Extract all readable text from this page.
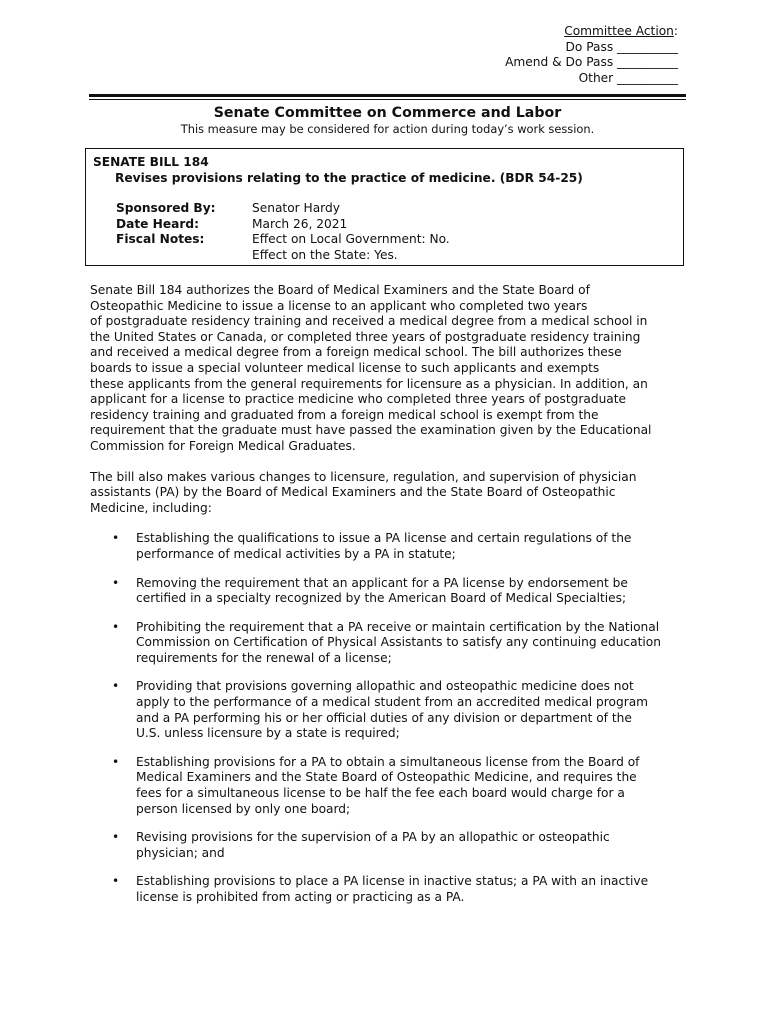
Committee Action:
Do Pass __________
Amend & Do Pass __________
Other __________
Senate Committee on Commerce and Labor
This measure may be considered for action during today’s work session.
SENATE BILL 184
Revises provisions relating to the practice of medicine. (BDR 54-25)
Sponsored By:	Senator Hardy
Date Heard:	March 26, 2021
Fiscal Notes:	Effect on Local Government: No.
Effect on the State: Yes.
Senate Bill 184 authorizes the Board of Medical Examiners and the State Board of
Osteopathic Medicine to issue a license to an applicant who completed two years
of postgraduate residency training and received a medical degree from a medical school in
the United States or Canada, or completed three years of postgraduate residency training
and received a medical degree from a foreign medical school. The bill authorizes these
boards to issue a special volunteer medical license to such applicants and exempts
these applicants from the general requirements for licensure as a physician. In addition, an
applicant for a license to practice medicine who completed three years of postgraduate
residency training and graduated from a foreign medical school is exempt from the
requirement that the graduate must have passed the examination given by the Educational
Commission for Foreign Medical Graduates.
The bill also makes various changes to licensure, regulation, and supervision of physician
assistants (PA) by the Board of Medical Examiners and the State Board of Osteopathic
Medicine, including:
• Establishing the qualifications to issue a PA license and certain regulations of the
performance of medical activities by a PA in statute;
• Removing the requirement that an applicant for a PA license by endorsement be
certified in a specialty recognized by the American Board of Medical Specialties;
• Prohibiting the requirement that a PA receive or maintain certification by the National
Commission on Certification of Physical Assistants to satisfy any continuing education
requirements for the renewal of a license;
• Providing that provisions governing allopathic and osteopathic medicine does not
apply to the performance of a medical student from an accredited medical program
and a PA performing his or her official duties of any division or department of the
U.S. unless licensure by a state is required;
• Establishing provisions for a PA to obtain a simultaneous license from the Board of
Medical Examiners and the State Board of Osteopathic Medicine, and requires the
fees for a simultaneous license to be half the fee each board would charge for a
person licensed by only one board;
• Revising provisions for the supervision of a PA by an allopathic or osteopathic
physician; and
• Establishing provisions to place a PA license in inactive status; a PA with an inactive
license is prohibited from acting or practicing as a PA.
